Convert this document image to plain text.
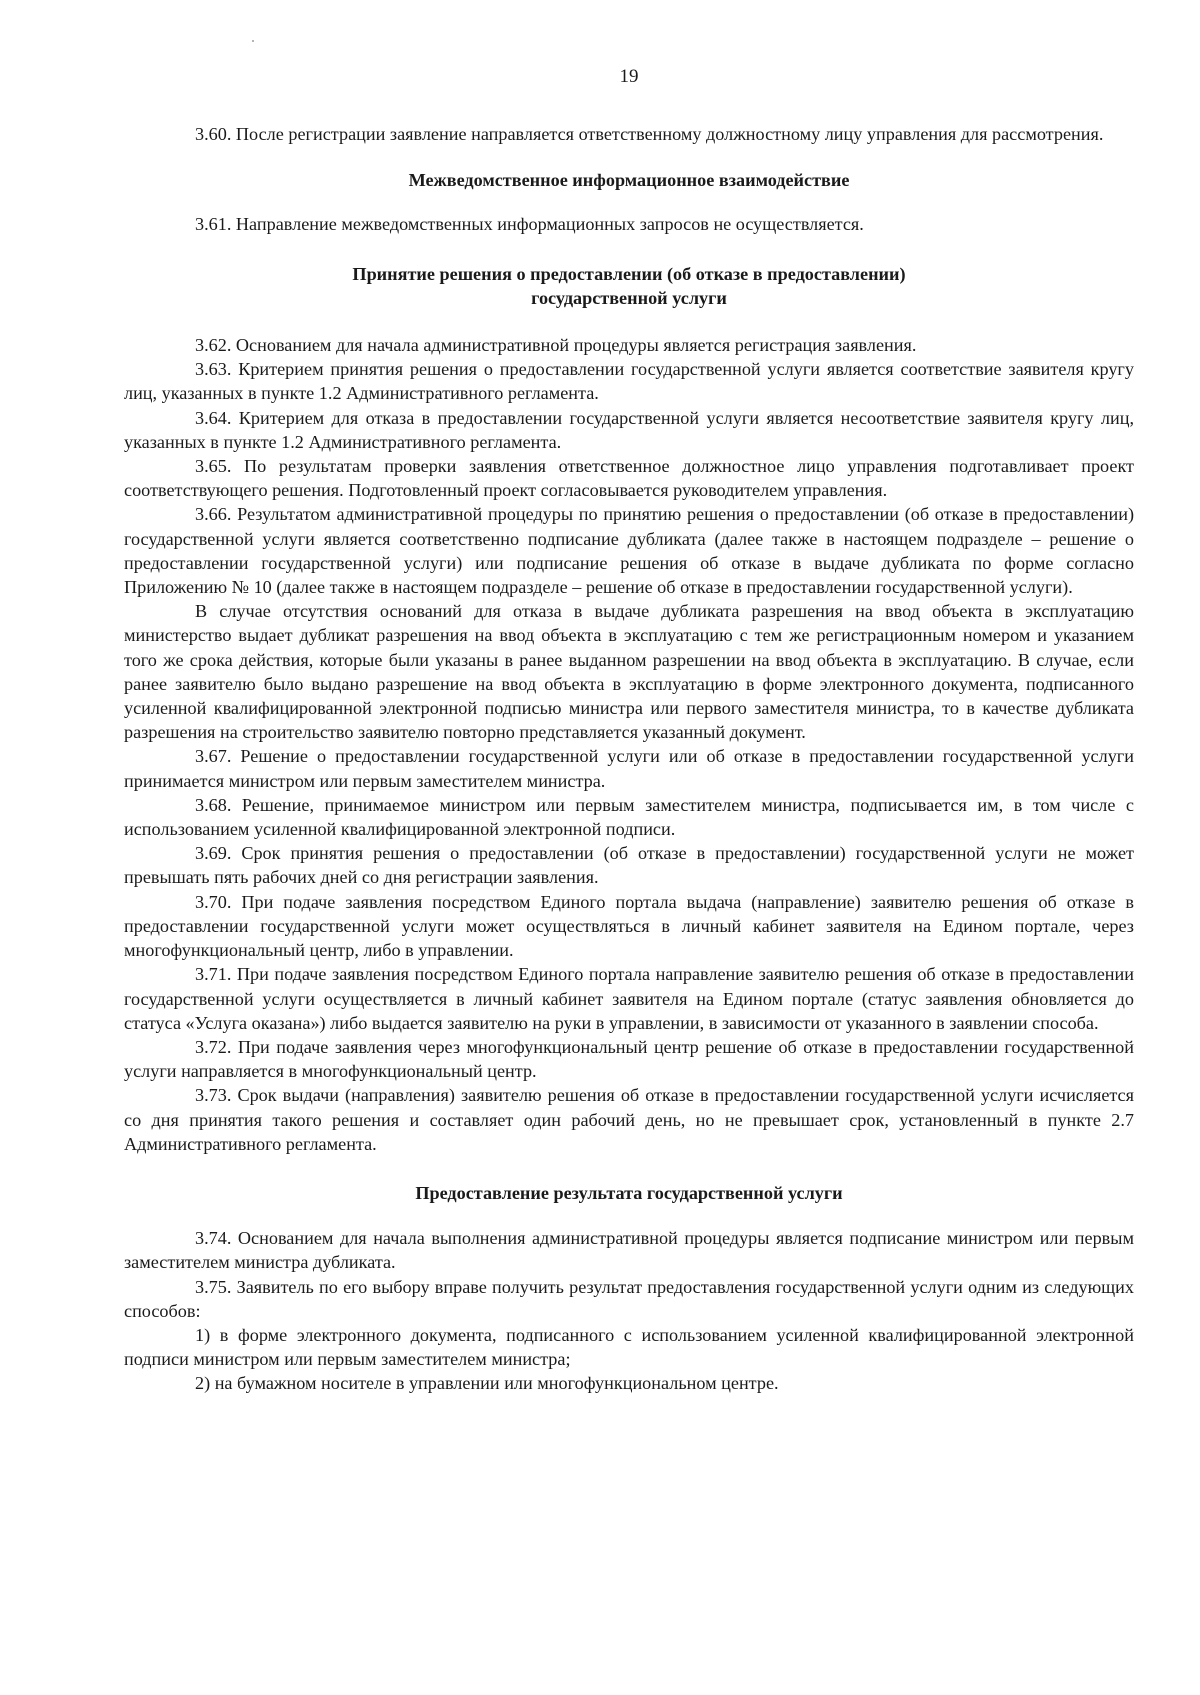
19

3.60. После регистрации заявление направляется ответственному должностному лицу управления для рассмотрения.

Межведомственное информационное взаимодействие

3.61. Направление межведомственных информационных запросов не осуществляется.

Принятие решения о предоставлении (об отказе в предоставлении)
государственной услуги

3.62. Основанием для начала административной процедуры является регистрация заявления.

3.63. Критерием принятия решения о предоставлении государственной услуги является соответствие заявителя кругу лиц, указанных в пункте 1.2 Административного регламента.

3.64. Критерием для отказа в предоставлении государственной услуги является несоответствие заявителя кругу лиц, указанных в пункте 1.2 Административного регламента.

3.65. По результатам проверки заявления ответственное должностное лицо управления подготавливает проект соответствующего решения. Подготовленный проект согласовывается руководителем управления.

3.66. Результатом административной процедуры по принятию решения о предоставлении (об отказе в предоставлении) государственной услуги является соответственно подписание дубликата (далее также в настоящем подразделе – решение о предоставлении государственной услуги) или подписание решения об отказе в выдаче дубликата по форме согласно Приложению № 10 (далее также в настоящем подразделе – решение об отказе в предоставлении государственной услуги).

В случае отсутствия оснований для отказа в выдаче дубликата разрешения на ввод объекта в эксплуатацию министерство выдает дубликат разрешения на ввод объекта в эксплуатацию с тем же регистрационным номером и указанием того же срока действия, которые были указаны в ранее выданном разрешении на ввод объекта в эксплуатацию. В случае, если ранее заявителю было выдано разрешение на ввод объекта в эксплуатацию в форме электронного документа, подписанного усиленной квалифицированной электронной подписью министра или первого заместителя министра, то в качестве дубликата разрешения на строительство заявителю повторно представляется указанный документ.

3.67. Решение о предоставлении государственной услуги или об отказе в предоставлении государственной услуги принимается министром или первым заместителем министра.

3.68. Решение, принимаемое министром или первым заместителем министра, подписывается им, в том числе с использованием усиленной квалифицированной электронной подписи.

3.69. Срок принятия решения о предоставлении (об отказе в предоставлении) государственной услуги не может превышать пять рабочих дней со дня регистрации заявления.

3.70. При подаче заявления посредством Единого портала выдача (направление) заявителю решения об отказе в предоставлении государственной услуги может осуществляться в личный кабинет заявителя на Едином портале, через многофункциональный центр, либо в управлении.

3.71. При подаче заявления посредством Единого портала направление заявителю решения об отказе в предоставлении государственной услуги осуществляется в личный кабинет заявителя на Едином портале (статус заявления обновляется до статуса «Услуга оказана») либо выдается заявителю на руки в управлении, в зависимости от указанного в заявлении способа.

3.72. При подаче заявления через многофункциональный центр решение об отказе в предоставлении государственной услуги направляется в многофункциональный центр.

3.73. Срок выдачи (направления) заявителю решения об отказе в предоставлении государственной услуги исчисляется со дня принятия такого решения и составляет один рабочий день, но не превышает срок, установленный в пункте 2.7 Административного регламента.

Предоставление результата государственной услуги

3.74. Основанием для начала выполнения административной процедуры является подписание министром или первым заместителем министра дубликата.

3.75. Заявитель по его выбору вправе получить результат предоставления государственной услуги одним из следующих способов:

1) в форме электронного документа, подписанного с использованием усиленной квалифицированной электронной подписи министром или первым заместителем министра;

2) на бумажном носителе в управлении или многофункциональном центре.
